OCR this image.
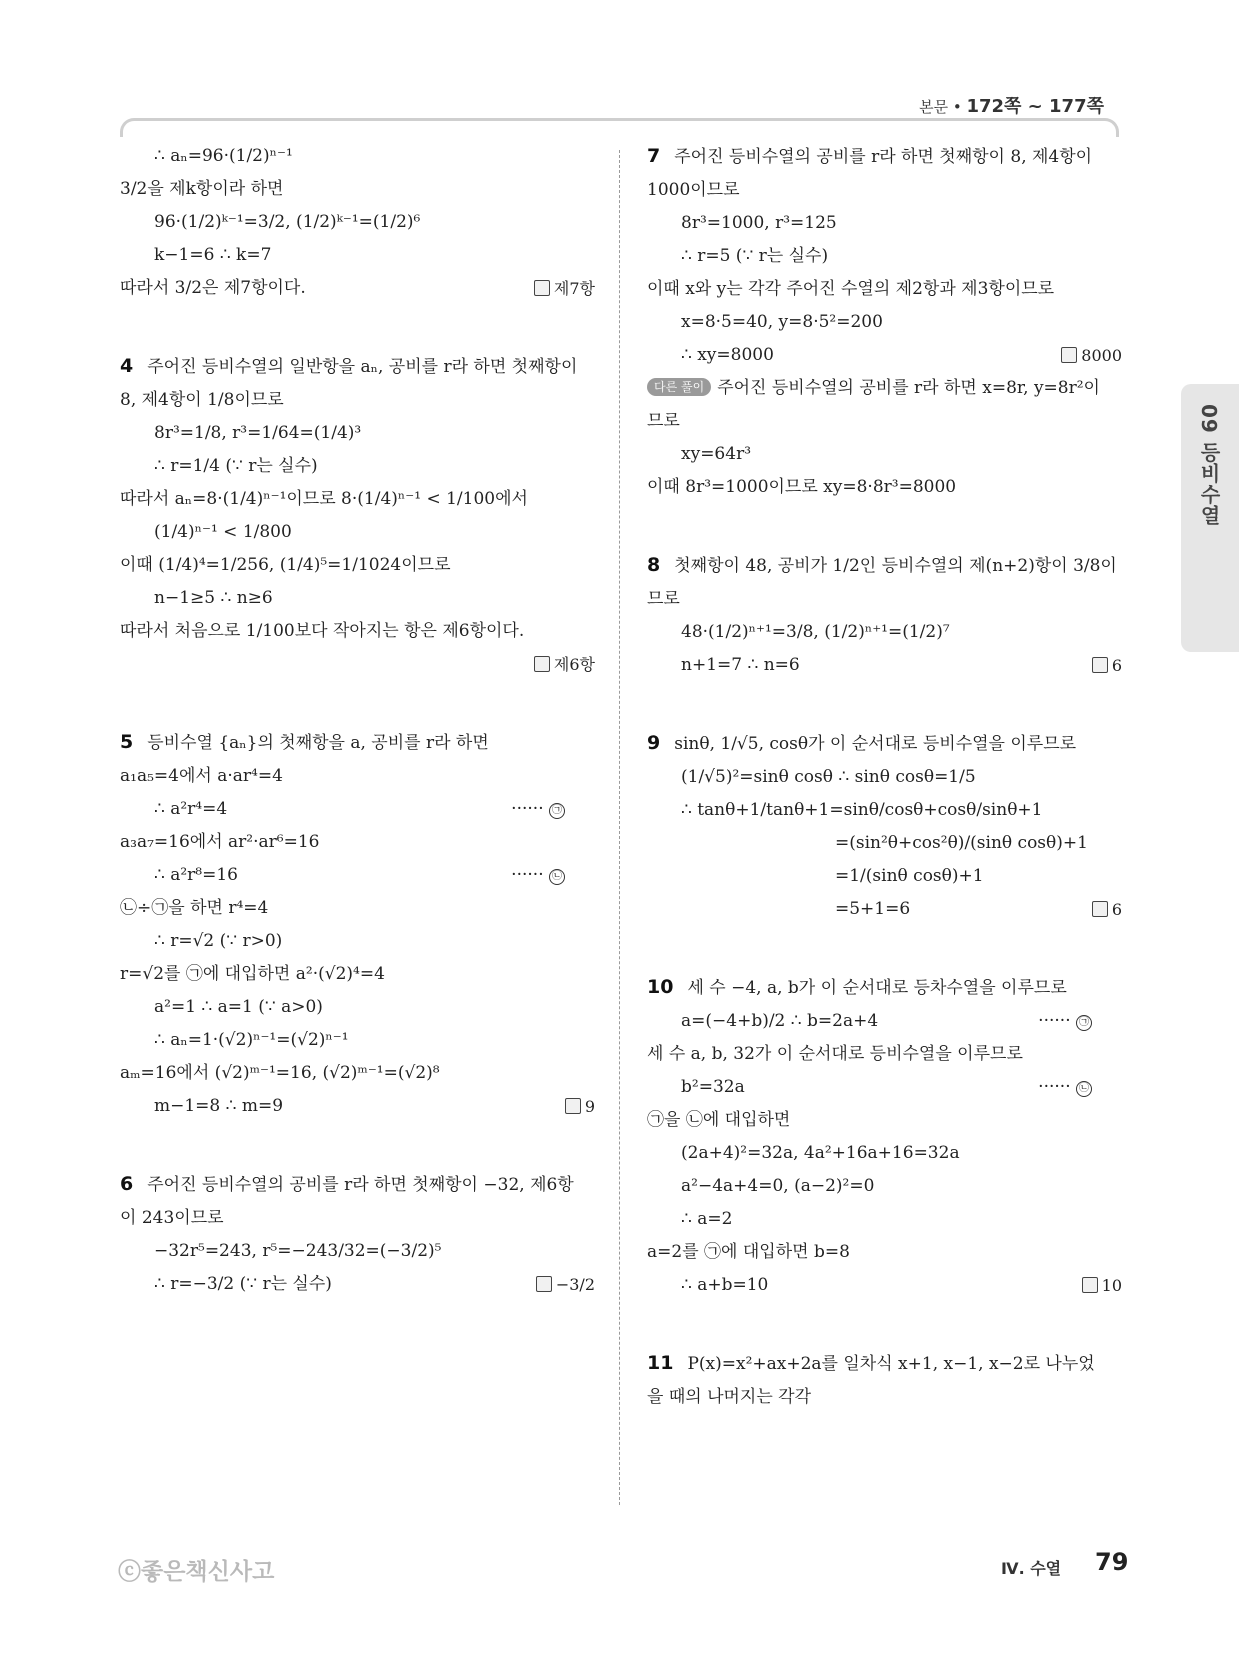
본문 • 172쪽 ~ 177쪽
09 등비수열
∴ aₙ=96·(1/2)ⁿ⁻¹
3/2을 제k항이라 하면
96·(1/2)ᵏ⁻¹=3/2, (1/2)ᵏ⁻¹=(1/2)⁶
k−1=6 ∴ k=7
따라서 3/2은 제7항이다.	제7항
4 주어진 등비수열의 일반항을 aₙ, 공비를 r라 하면 첫째항이
8, 제4항이 1/8이므로
8r³=1/8, r³=1/64=(1/4)³
∴ r=1/4 (∵ r는 실수)
따라서 aₙ=8·(1/4)ⁿ⁻¹이므로 8·(1/4)ⁿ⁻¹ < 1/100에서
(1/4)ⁿ⁻¹ < 1/800
이때 (1/4)⁴=1/256, (1/4)⁵=1/1024이므로
n−1≥5 ∴ n≥6
따라서 처음으로 1/100보다 작아지는 항은 제6항이다.
제6항
5 등비수열 {aₙ}의 첫째항을 a, 공비를 r라 하면
a₁a₅=4에서 a·ar⁴=4
∴ a²r⁴=4	······ ㉠
a₃a₇=16에서 ar²·ar⁶=16
∴ a²r⁸=16	······ ㉡
㉡÷㉠을 하면 r⁴=4
∴ r=√2 (∵ r>0)
r=√2를 ㉠에 대입하면 a²·(√2)⁴=4
a²=1 ∴ a=1 (∵ a>0)
∴ aₙ=1·(√2)ⁿ⁻¹=(√2)ⁿ⁻¹
aₘ=16에서 (√2)ᵐ⁻¹=16, (√2)ᵐ⁻¹=(√2)⁸
m−1=8 ∴ m=9	9
6 주어진 등비수열의 공비를 r라 하면 첫째항이 −32, 제6항
이 243이므로
−32r⁵=243, r⁵=−243/32=(−3/2)⁵
∴ r=−3/2 (∵ r는 실수)	−3/2
7 주어진 등비수열의 공비를 r라 하면 첫째항이 8, 제4항이
1000이므로
8r³=1000, r³=125
∴ r=5 (∵ r는 실수)
이때 x와 y는 각각 주어진 수열의 제2항과 제3항이므로
x=8·5=40, y=8·5²=200
∴ xy=8000	8000
다른 풀이 주어진 등비수열의 공비를 r라 하면 x=8r, y=8r²이
므로
xy=64r³
이때 8r³=1000이므로 xy=8·8r³=8000
8 첫째항이 48, 공비가 1/2인 등비수열의 제(n+2)항이 3/8이
므로
48·(1/2)ⁿ⁺¹=3/8, (1/2)ⁿ⁺¹=(1/2)⁷
n+1=7 ∴ n=6	6
9 sinθ, 1/√5, cosθ가 이 순서대로 등비수열을 이루므로
(1/√5)²=sinθ cosθ ∴ sinθ cosθ=1/5
∴ tanθ+1/tanθ+1=sinθ/cosθ+cosθ/sinθ+1
=(sin²θ+cos²θ)/(sinθ cosθ)+1
=1/(sinθ cosθ)+1
=5+1=6	6
10 세 수 −4, a, b가 이 순서대로 등차수열을 이루므로
a=(−4+b)/2 ∴ b=2a+4	······ ㉠
세 수 a, b, 32가 이 순서대로 등비수열을 이루므로
b²=32a	······ ㉡
㉠을 ㉡에 대입하면
(2a+4)²=32a, 4a²+16a+16=32a
a²−4a+4=0, (a−2)²=0
∴ a=2
a=2를 ㉠에 대입하면 b=8
∴ a+b=10	10
11 P(x)=x²+ax+2a를 일차식 x+1, x−1, x−2로 나누었
을 때의 나머지는 각각
ⓒ좋은책신사고	Ⅳ. 수열 79
